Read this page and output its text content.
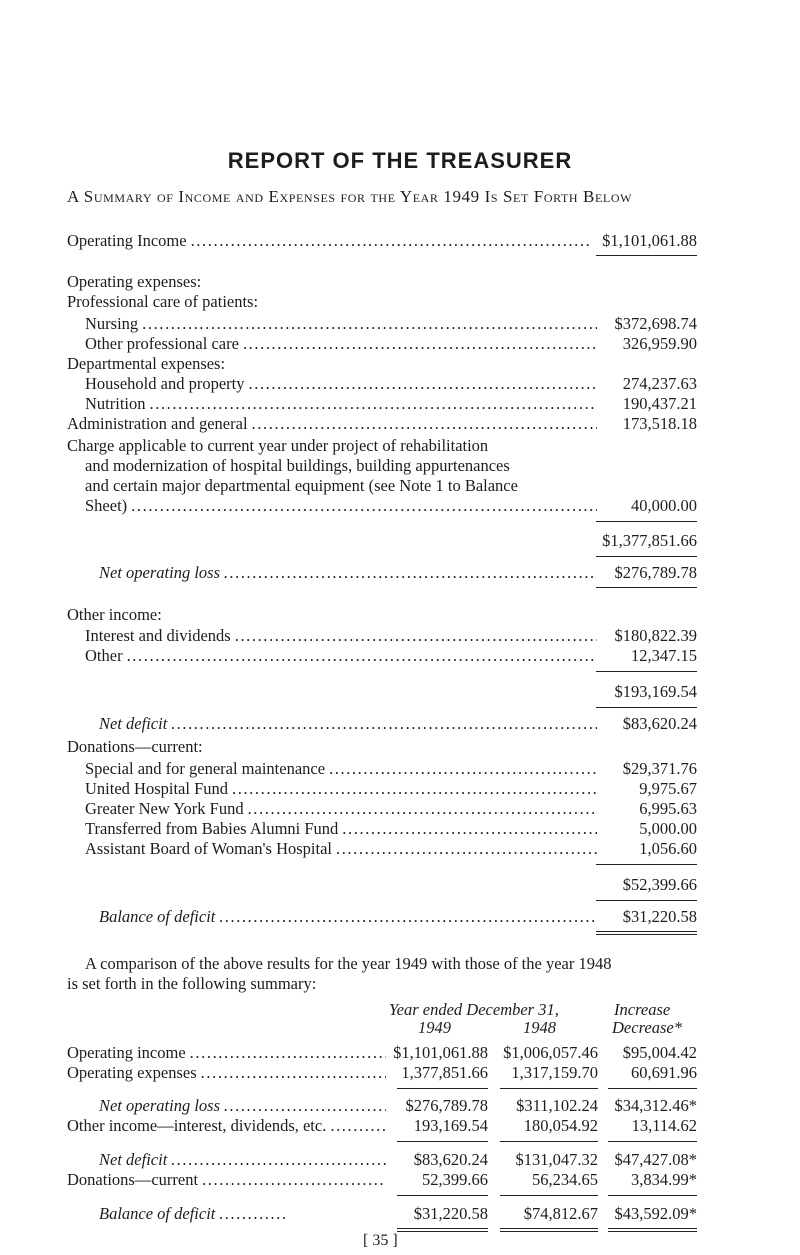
REPORT OF THE TREASURER
A Summary of Income and Expenses for the Year 1949 Is Set Forth Below
Operating Income .....	$1,101,061.88
Operating expenses:
Professional care of patients:
Nursing .....	$372,698.74
Other professional care .....	326,959.90
Departmental expenses:
Household and property .....	274,237.63
Nutrition .....	190,437.21
Administration and general .....	173,518.18
Charge applicable to current year under project of rehabilitation
and modernization of hospital buildings, building appurtenances
and certain major departmental equipment (see Note 1 to Balance
Sheet) .....	40,000.00
$1,377,851.66
Net operating loss .....	$276,789.78
Other income:
Interest and dividends .....	$180,822.39
Other .....	12,347.15
$193,169.54
Net deficit .....	$83,620.24
Donations—current:
Special and for general maintenance .....	$29,371.76
United Hospital Fund .....	9,975.67
Greater New York Fund .....	6,995.63
Transferred from Babies Alumni Fund .....	5,000.00
Assistant Board of Woman's Hospital .....	1,056.60
$52,399.66
Balance of deficit .....	$31,220.58
A comparison of the above results for the year 1949 with those of the year 1948
is set forth in the following summary:
Year ended December 31,	Increase
1949	1948	Decrease*
Operating income .....	$1,101,061.88 $1,006,057.46	$95,004.42
Operating expenses .....	1,377,851.66	1,317,159.70	60,691.96
Net operating loss .....	$276,789.78	$311,102.24	$34,312.46*
Other income—interest, dividends, etc. .....	193,169.54	180,054.92	13,114.62
Net deficit .....	$83,620.24	$131,047.32	$47,427.08*
Donations—current .....	52,399.66	56,234.65	3,834.99*
Balance of deficit .....	$31,220.58	$74,812.67	$43,592.09*
[ 35 ]
